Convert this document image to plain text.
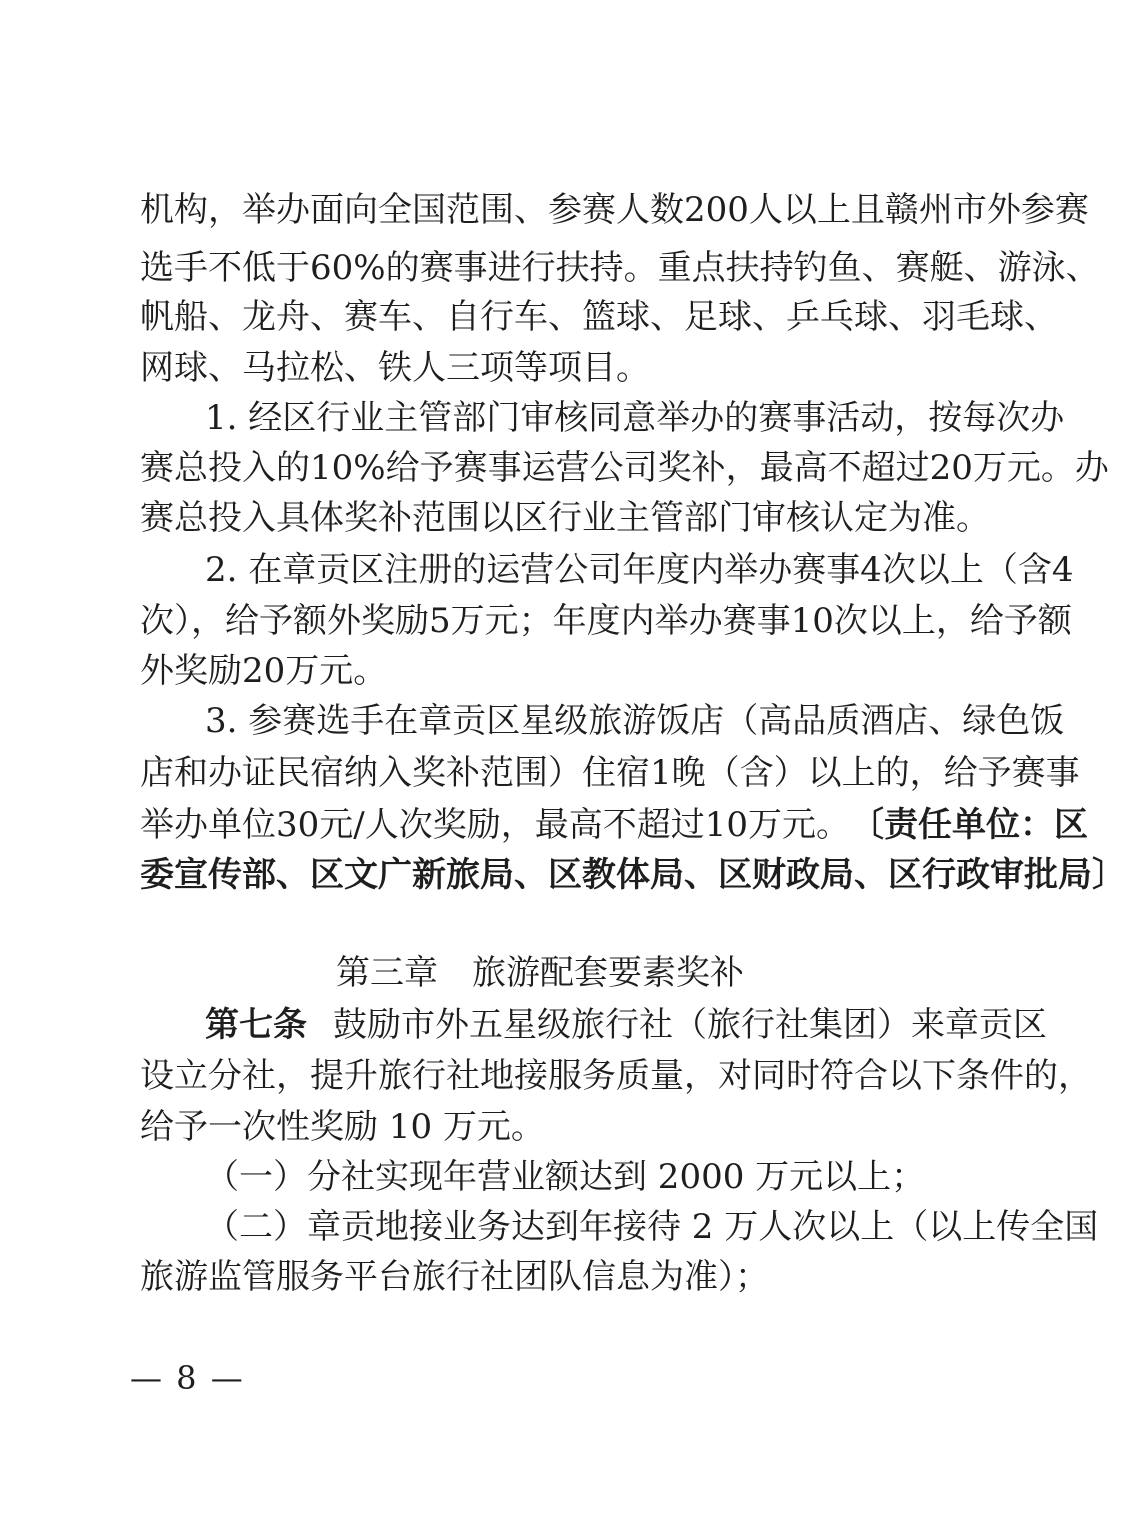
机构，举办面向全国范围、参赛人数200人以上且赣州市外参赛
选手不低于60%的赛事进行扶持。重点扶持钓鱼、赛艇、游泳、
帆船、龙舟、赛车、自行车、篮球、足球、乒乓球、羽毛球、
网球、马拉松、铁人三项等项目。
1. 经区行业主管部门审核同意举办的赛事活动，按每次办
赛总投入的10%给予赛事运营公司奖补，最高不超过20万元。办
赛总投入具体奖补范围以区行业主管部门审核认定为准。
2. 在章贡区注册的运营公司年度内举办赛事4次以上（含4
次），给予额外奖励5万元；年度内举办赛事10次以上，给予额
外奖励20万元。
3. 参赛选手在章贡区星级旅游饭店（高品质酒店、绿色饭
店和办证民宿纳入奖补范围）住宿1晚（含）以上的，给予赛事
举办单位30元/人次奖励，最高不超过10万元。 〔责任单位：区
委宣传部、区文广新旅局、区教体局、区财政局、区行政审批局〕
第三章　旅游配套要素奖补
第七条 鼓励市外五星级旅行社（旅行社集团）来章贡区
设立分社，提升旅行社地接服务质量，对同时符合以下条件的，
给予一次性奖励 10 万元。
（一）分社实现年营业额达到 2000 万元以上；
（二）章贡地接业务达到年接待 2 万人次以上（以上传全国
旅游监管服务平台旅行社团队信息为准）；
— 8 —
